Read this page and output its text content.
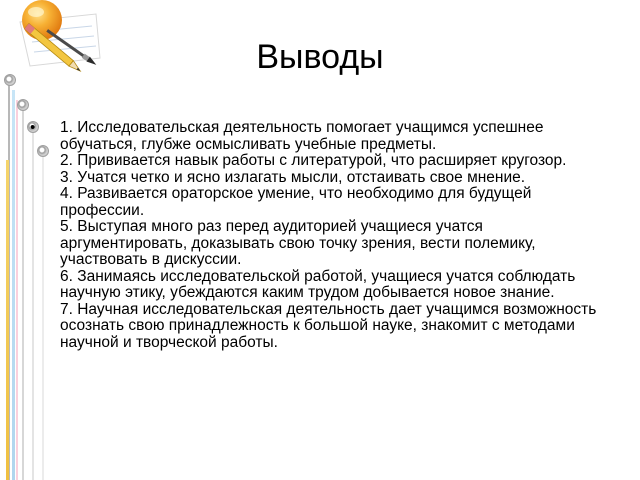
Выводы
•	1. Исследовательская деятельность помогает учащимся успешнее обучаться, глубже осмысливать учебные предметы.
2. Прививается навык работы с литературой, что расширяет кругозор.
3. Учатся четко и ясно излагать мысли, отстаивать свое мнение.
4. Развивается ораторское умение, что необходимо для будущей профессии.
5. Выступая много раз перед аудиторией учащиеся учатся аргументировать, доказывать свою точку зрения, вести полемику, участвовать в дискуссии.
6. Занимаясь исследовательской работой, учащиеся учатся соблюдать научную этику, убеждаются каким трудом добывается новое знание.
7. Научная исследовательская деятельность дает учащимся возможность осознать свою принадлежность к большой науке, знакомит с методами научной и творческой работы.
